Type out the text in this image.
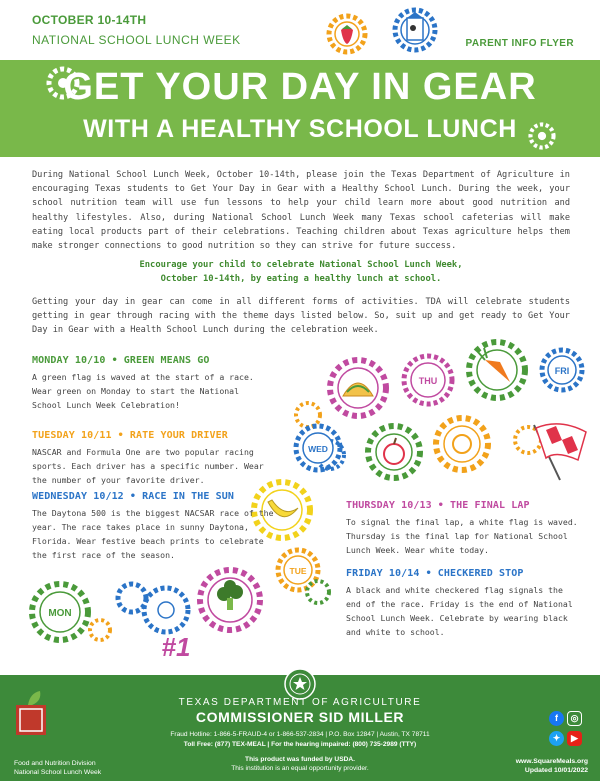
OCTOBER 10-14TH
NATIONAL SCHOOL LUNCH WEEK	PARENT INFO FLYER
GET YOUR DAY IN GEAR
WITH A HEALTHY SCHOOL LUNCH
During National School Lunch Week, October 10-14th, please join the Texas Department of Agriculture in encouraging Texas students to Get Your Day in Gear with a Healthy School Lunch. During the week, your school nutrition team will use fun lessons to help your child learn more about good nutrition and healthy lifestyles. Also, during National School Lunch Week many Texas school cafeterias will make eating local products part of their celebrations. Teaching children about Texas agriculture helps them make stronger connections to good nutrition so they can strive for future success.
Encourage your child to celebrate National School Lunch Week,
October 10-14th, by eating a healthy lunch at school.
Getting your day in gear can come in all different forms of activities. TDA will celebrate students getting in gear through racing with the theme days listed below. So, suit up and get ready to Get Your Day in Gear with a Health School Lunch during the celebration week.
FRI
THU
WED
TUE
MON
#1
MONDAY 10/10 • GREEN MEANS GO

A green flag is waved at the start of a race. Wear green on Monday to start the National School Lunch Week Celebration!

TUESDAY 10/11 • RATE YOUR DRIVER

NASCAR and Formula One are two popular racing sports. Each driver has a specific number. Wear the number of your favorite driver.

WEDNESDAY 10/12 • RACE IN THE SUN

The Daytona 500 is the biggest NACSAR race of the year. The race takes place in sunny Daytona, Florida. Wear festive beach prints to celebrate the first race of the season.

THURSDAY 10/13 • THE FINAL LAP

To signal the final lap, a white flag is waved. Thursday is the final lap for National School Lunch Week. Wear white today.

FRIDAY 10/14 • CHECKERED STOP

A black and white checkered flag signals the end of the race. Friday is the end of National School Lunch Week. Celebrate by wearing black and white to school.

TEXAS DEPARTMENT OF AGRICULTURE
COMMISSIONER SID MILLER
Fraud Hotline: 1-866-5-FRAUD-4 or 1-866-537-2834 | P.O. Box 12847 | Austin, TX 78711
Toll Free: (877) TEX-MEAL | For the hearing impaired: (800) 735-2989 (TTY)
This product was funded by USDA.
This institution is an equal opportunity provider.
Food and Nutrition Division
National School Lunch Week
f	◎
✦	▶
www.SquareMeals.org
Updated 10/01/2022
